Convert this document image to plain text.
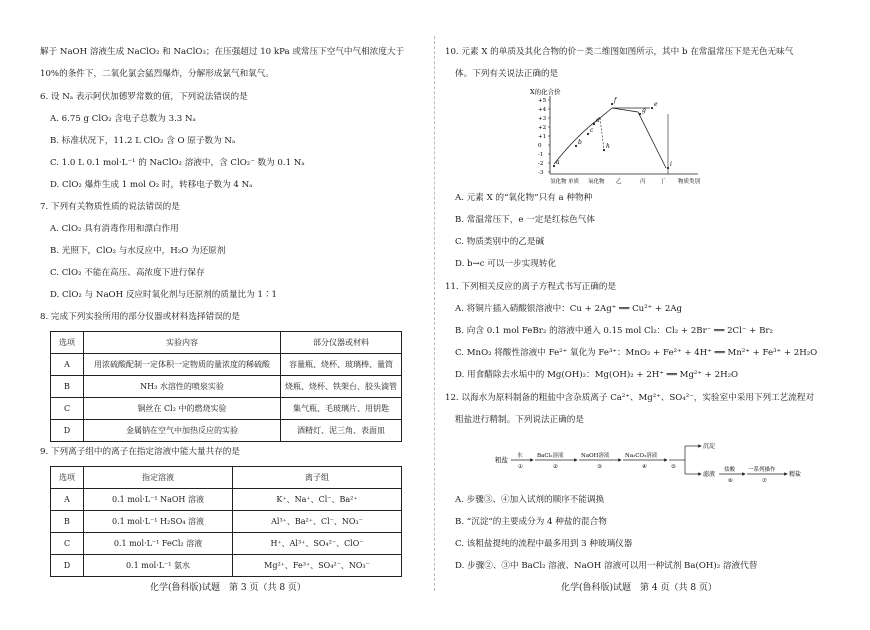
解于 NaOH 溶液生成 NaClO₂ 和 NaClO₃；在压强超过 10 kPa 或常压下空气中气相浓度大于
10%的条件下，二氧化氯会猛烈爆炸，分解形成氯气和氧气。
6. 设 Nₐ 表示阿伏加德罗常数的值，下列说法错误的是
A. 6.75 g ClO₂ 含电子总数为 3.3 Nₐ
B. 标准状况下，11.2 L ClO₂ 含 O 原子数为 Nₐ
C. 1.0 L 0.1 mol·L⁻¹ 的 NaClO₂ 溶液中，含 ClO₂⁻ 数为 0.1 Nₐ
D. ClO₂ 爆炸生成 1 mol O₂ 时，转移电子数为 4 Nₐ
7. 下列有关物质性质的说法错误的是
A. ClO₂ 具有消毒作用和漂白作用
B. 光照下，ClO₂ 与水反应中，H₂O 为还原剂
C. ClO₂ 不能在高压、高浓度下进行保存
D. ClO₂ 与 NaOH 反应时氧化剂与还原剂的质量比为 1∶1
8. 完成下列实验所用的部分仪器或材料选择错误的是
选项	实验内容	部分仪器或材料
A	用浓硫酸配制一定体积一定物质的量浓度的稀硫酸	容量瓶、烧杯、玻璃棒、量筒
B	NH₃ 水溶性的喷泉实验	烧瓶、烧杯、铁架台、胶头滴管
C	铜丝在 Cl₂ 中的燃烧实验	集气瓶、毛玻璃片、用钥匙
D	金属钠在空气中加热反应的实验	酒精灯、泥三角、表面皿
9. 下列离子组中的离子在指定溶液中能大量共存的是
选项	指定溶液	离子组
A	0.1 mol·L⁻¹ NaOH 溶液	K⁺、Na⁺、Cl⁻、Ba²⁺
B	0.1 mol·L⁻¹ H₂SO₄ 溶液	Al³⁺、Ba²⁺、Cl⁻、NO₃⁻
C	0.1 mol·L⁻¹ FeCl₂ 溶液	H⁺、Al³⁺、SO₄²⁻、ClO⁻
D	0.1 mol·L⁻¹ 氨水	Mg²⁺、Fe³⁺、SO₄²⁻、NO₃⁻
化学(鲁科版)试题　第 3 页（共 8 页）
10. 元素 X 的单质及其化合物的价－类二维图如图所示，其中 b 在常温常压下是无色无味气
体。下列有关说法正确的是
X的化合价
+5
+4
+3
+2
+1
0
-1
-2
-3
氢化物 单质 氧化物 乙	丙	丁 物质类别
a
b
c
d
e
f
g
h
i
A. 元素 X 的“氧化物”只有 a 种物种
B. 常温常压下，e 一定是红棕色气体
C. 物质类别中的乙是碱
D. b→c 可以一步实现转化
11. 下列相关反应的离子方程式书写正确的是
A. 将铜片插入硝酸银溶液中：Cu + 2Ag⁺ ══ Cu²⁺ + 2Ag
B. 向含 0.1 mol FeBr₂ 的溶液中通入 0.15 mol Cl₂：Cl₂ + 2Br⁻ ══ 2Cl⁻ + Br₂
C. MnO₂ 将酸性溶液中 Fe²⁺ 氧化为 Fe³⁺：MnO₂ + Fe²⁺ + 4H⁺ ══ Mn²⁺ + Fe³⁺ + 2H₂O
D. 用食醋除去水垢中的 Mg(OH)₂：Mg(OH)₂ + 2H⁺ ══ Mg²⁺ + 2H₂O
12. 以海水为原料制备的粗盐中含杂质离子 Ca²⁺、Mg²⁺、SO₄²⁻，实验室中采用下列工艺流程对
粗盐进行精制。下列说法正确的是
粗盐 水
①
BaCl₂溶液
②
NaOH溶液
③
Na₂CO₃溶液
④	⑤
沉淀
滤液
盐酸
⑥
一系列操作
⑦
精盐
A. 步骤③、④加入试剂的顺序不能调换
B. “沉淀”的主要成分为 4 种盐的混合物
C. 该粗盐提纯的流程中最多用到 3 种玻璃仪器
D. 步骤②、③中 BaCl₂ 溶液、NaOH 溶液可以用一种试剂 Ba(OH)₂ 溶液代替
化学(鲁科版)试题　第 4 页（共 8 页）
